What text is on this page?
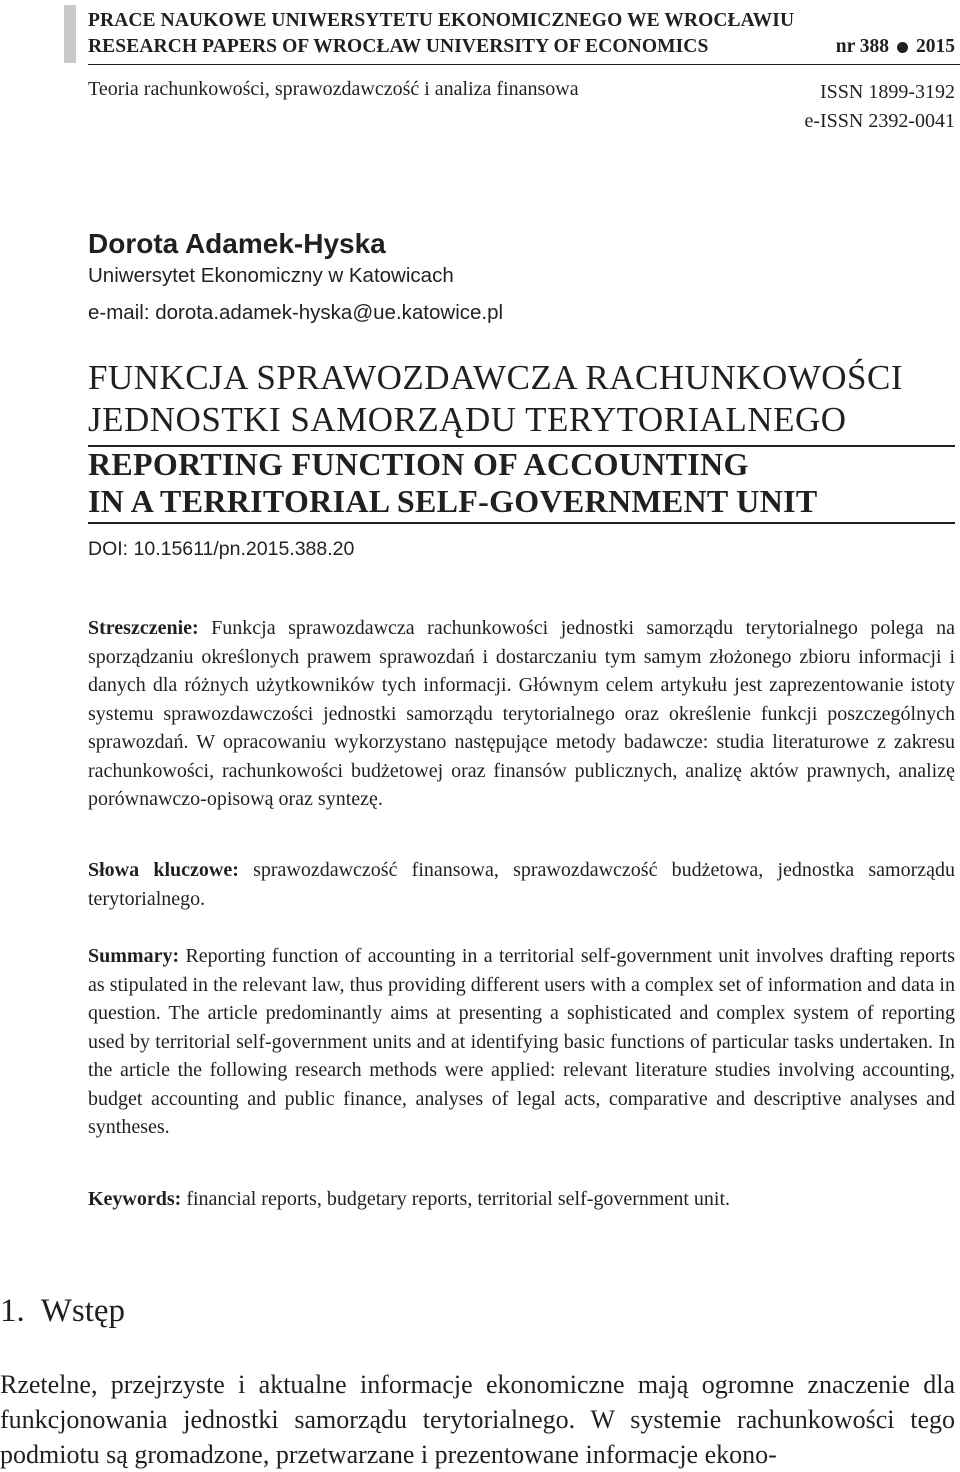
PRACE NAUKOWE UNIWERSYTETU EKONOMICZNEGO WE WROCŁAWIU
RESEARCH PAPERS OF WROCŁAW UNIVERSITY OF ECONOMICS	nr 388 2015
Teoria rachunkowości, sprawozdawczość i analiza finansowa	ISSN 1899-3192
e-ISSN 2392-0041
Dorota Adamek-Hyska
Uniwersytet Ekonomiczny w Katowicach
e-mail: dorota.adamek-hyska@ue.katowice.pl
FUNKCJA SPRAWOZDAWCZA RACHUNKOWOŚCI
JEDNOSTKI SAMORZĄDU TERYTORIALNEGO
REPORTING FUNCTION OF ACCOUNTING
IN A TERRITORIAL SELF-GOVERNMENT UNIT
DOI: 10.15611/pn.2015.388.20
Streszczenie: Funkcja sprawozdawcza rachunkowości jednostki samorządu terytorialnego polega na sporządzaniu określonych prawem sprawozdań i dostarczaniu tym samym złożonego zbioru informacji i danych dla różnych użytkowników tych informacji. Głównym celem artykułu jest zaprezentowanie istoty systemu sprawozdawczości jednostki samorządu terytorialnego oraz określenie funkcji poszczególnych sprawozdań. W opracowaniu wykorzystano następujące metody badawcze: studia literaturowe z zakresu rachunkowości, rachunkowości budżetowej oraz finansów publicznych, analizę aktów prawnych, analizę porównawczo-opisową oraz syntezę.
Słowa kluczowe: sprawozdawczość finansowa, sprawozdawczość budżetowa, jednostka samorządu terytorialnego.
Summary: Reporting function of accounting in a territorial self-government unit involves drafting reports as stipulated in the relevant law, thus providing different users with a complex set of information and data in question. The article predominantly aims at presenting a sophisticated and complex system of reporting used by territorial self-government units and at identifying basic functions of particular tasks undertaken. In the article the following research methods were applied: relevant literature studies involving accounting, budget accounting and public finance, analyses of legal acts, comparative and descriptive analyses and syntheses.
Keywords: financial reports, budgetary reports, territorial self-government unit.
1. Wstęp
Rzetelne, przejrzyste i aktualne informacje ekonomiczne mają ogromne znaczenie dla funkcjonowania jednostki samorządu terytorialnego. W systemie rachunkowości tego podmiotu są gromadzone, przetwarzane i prezentowane informacje ekono-
